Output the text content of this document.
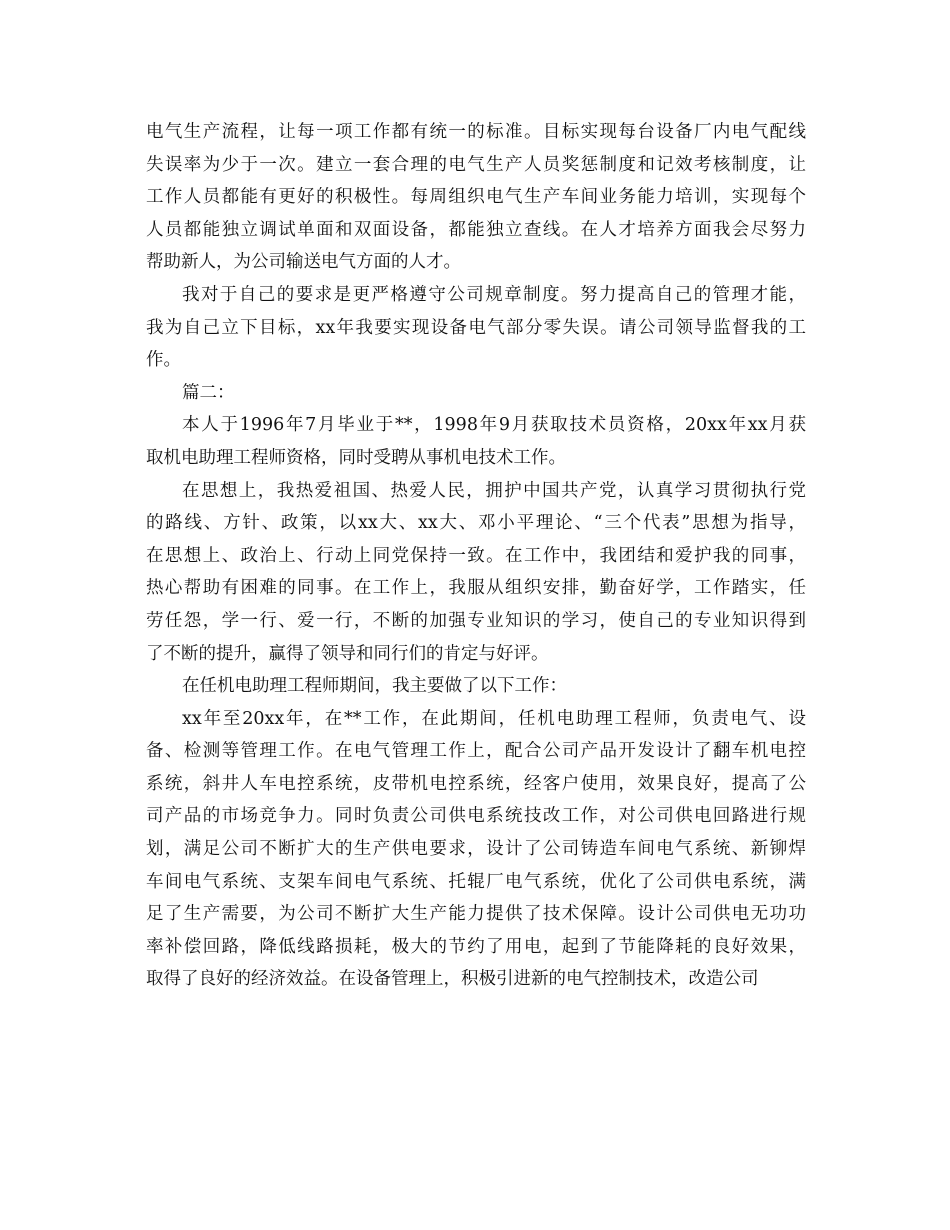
电气生产流程，让每一项工作都有统一的标准。目标实现每台设备厂内电气配线
失误率为少于一次。建立一套合理的电气生产人员奖惩制度和记效考核制度，让
工作人员都能有更好的积极性。每周组织电气生产车间业务能力培训，实现每个
人员都能独立调试单面和双面设备，都能独立查线。在人才培养方面我会尽努力
帮助新人，为公司输送电气方面的人才。
我对于自己的要求是更严格遵守公司规章制度。努力提高自己的管理才能，
我为自己立下目标，xx年我要实现设备电气部分零失误。请公司领导监督我的工
作。
篇二：
本人于1996年7月毕业于**，1998年9月获取技术员资格，20xx年xx月获
取机电助理工程师资格，同时受聘从事机电技术工作。
在思想上，我热爱祖国、热爱人民，拥护中国共产党，认真学习贯彻执行党
的路线、方针、政策，以xx大、xx大、邓小平理论、“三个代表”思想为指导，
在思想上、政治上、行动上同党保持一致。在工作中，我团结和爱护我的同事，
热心帮助有困难的同事。在工作上，我服从组织安排，勤奋好学，工作踏实，任
劳任怨，学一行、爱一行，不断的加强专业知识的学习，使自己的专业知识得到
了不断的提升，赢得了领导和同行们的肯定与好评。
在任机电助理工程师期间，我主要做了以下工作：
xx年至20xx年，在**工作，在此期间，任机电助理工程师，负责电气、设
备、检测等管理工作。在电气管理工作上，配合公司产品开发设计了翻车机电控
系统，斜井人车电控系统，皮带机电控系统，经客户使用，效果良好，提高了公
司产品的市场竞争力。同时负责公司供电系统技改工作，对公司供电回路进行规
划，满足公司不断扩大的生产供电要求，设计了公司铸造车间电气系统、新铆焊
车间电气系统、支架车间电气系统、托辊厂电气系统，优化了公司供电系统，满
足了生产需要，为公司不断扩大生产能力提供了技术保障。设计公司供电无功功
率补偿回路，降低线路损耗，极大的节约了用电，起到了节能降耗的良好效果，
取得了良好的经济效益。在设备管理上，积极引进新的电气控制技术，改造公司
